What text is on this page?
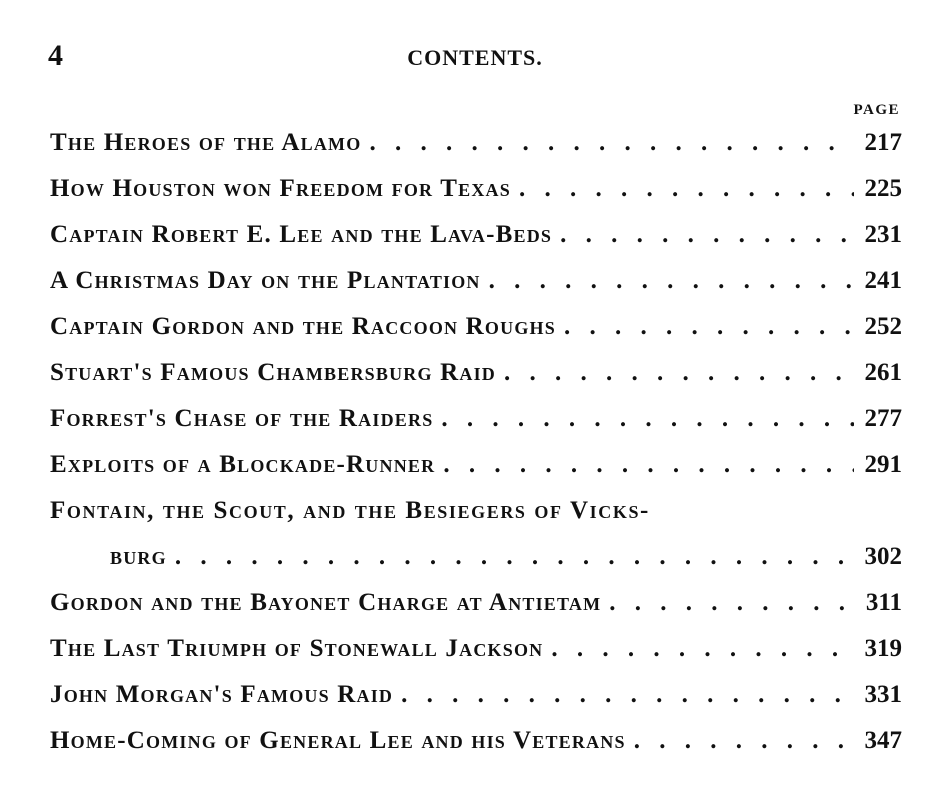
4	CONTENTS.
PAGE
The Heroes of the Alamo . . .	217
How Houston won Freedom for Texas . . .	225
Captain Robert E. Lee and the Lava-Beds . . .	231
A Christmas Day on the Plantation . . .	241
Captain Gordon and the Raccoon Roughs . . .	252
Stuart's Famous Chambersburg Raid . . .	261
Forrest's Chase of the Raiders . . .	277
Exploits of a Blockade-Runner . . .	291
Fontain, the Scout, and the Besiegers of Vicks-
burg . . .	302
Gordon and the Bayonet Charge at Antietam . . .	311
The Last Triumph of Stonewall Jackson . . .	319
John Morgan's Famous Raid . . .	331
Home-Coming of General Lee and his Veterans . . .	347
